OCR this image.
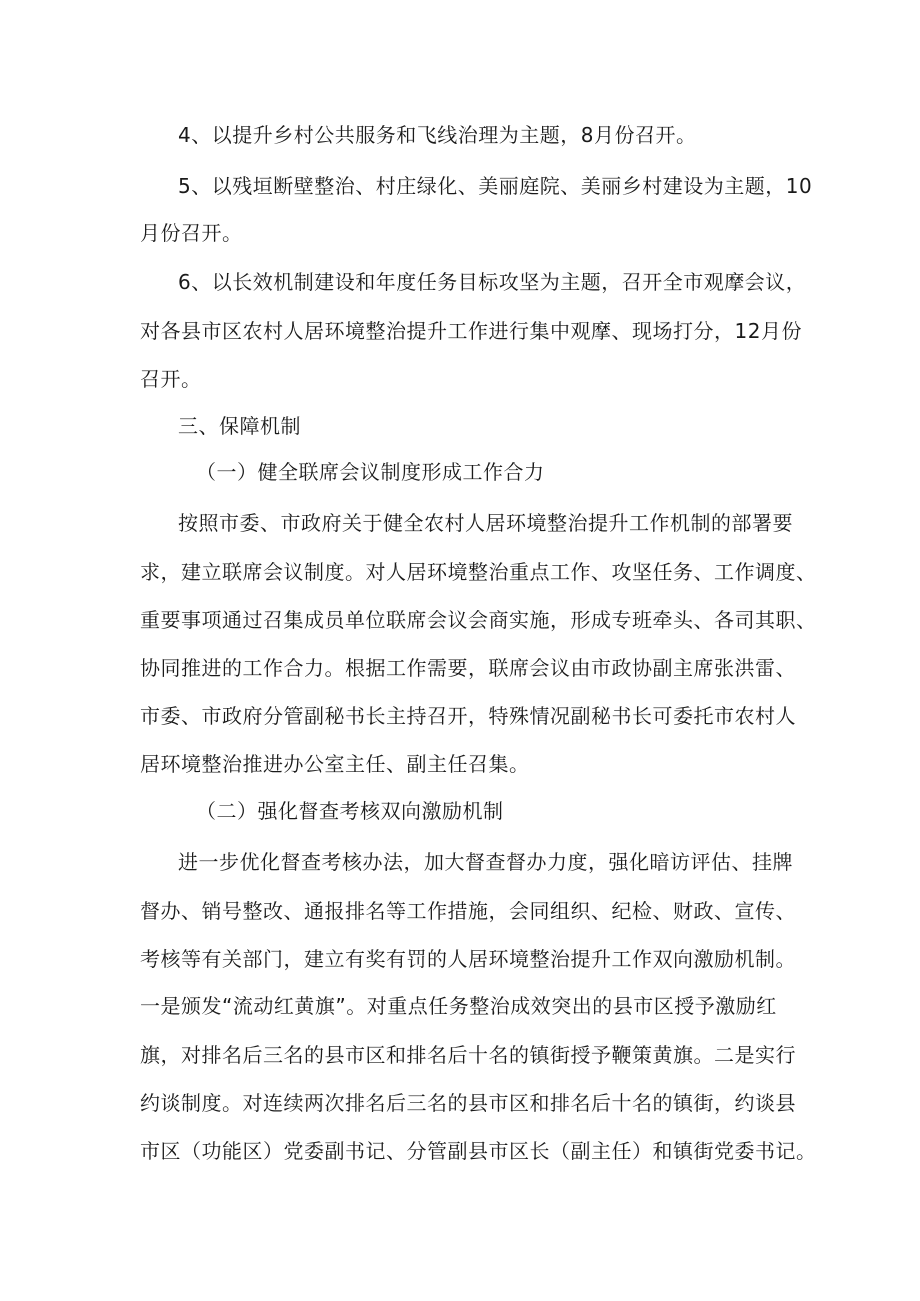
4、以提升乡村公共服务和飞线治理为主题，8月份召开。
5、以残垣断壁整治、村庄绿化、美丽庭院、美丽乡村建设为主题，10
月份召开。
6、以长效机制建设和年度任务目标攻坚为主题，召开全市观摩会议，
对各县市区农村人居环境整治提升工作进行集中观摩、现场打分，12月份
召开。
三、保障机制
（一）健全联席会议制度形成工作合力
按照市委、市政府关于健全农村人居环境整治提升工作机制的部署要
求，建立联席会议制度。对人居环境整治重点工作、攻坚任务、工作调度、
重要事项通过召集成员单位联席会议会商实施，形成专班牵头、各司其职、
协同推进的工作合力。根据工作需要，联席会议由市政协副主席张洪雷、
市委、市政府分管副秘书长主持召开，特殊情况副秘书长可委托市农村人
居环境整治推进办公室主任、副主任召集。
（二）强化督查考核双向激励机制
进一步优化督查考核办法，加大督查督办力度，强化暗访评估、挂牌
督办、销号整改、通报排名等工作措施，会同组织、纪检、财政、宣传、
考核等有关部门，建立有奖有罚的人居环境整治提升工作双向激励机制。
一是颁发“流动红黄旗”。对重点任务整治成效突出的县市区授予激励红
旗，对排名后三名的县市区和排名后十名的镇街授予鞭策黄旗。二是实行
约谈制度。对连续两次排名后三名的县市区和排名后十名的镇街，约谈县
市区（功能区）党委副书记、分管副县市区长（副主任）和镇街党委书记。
